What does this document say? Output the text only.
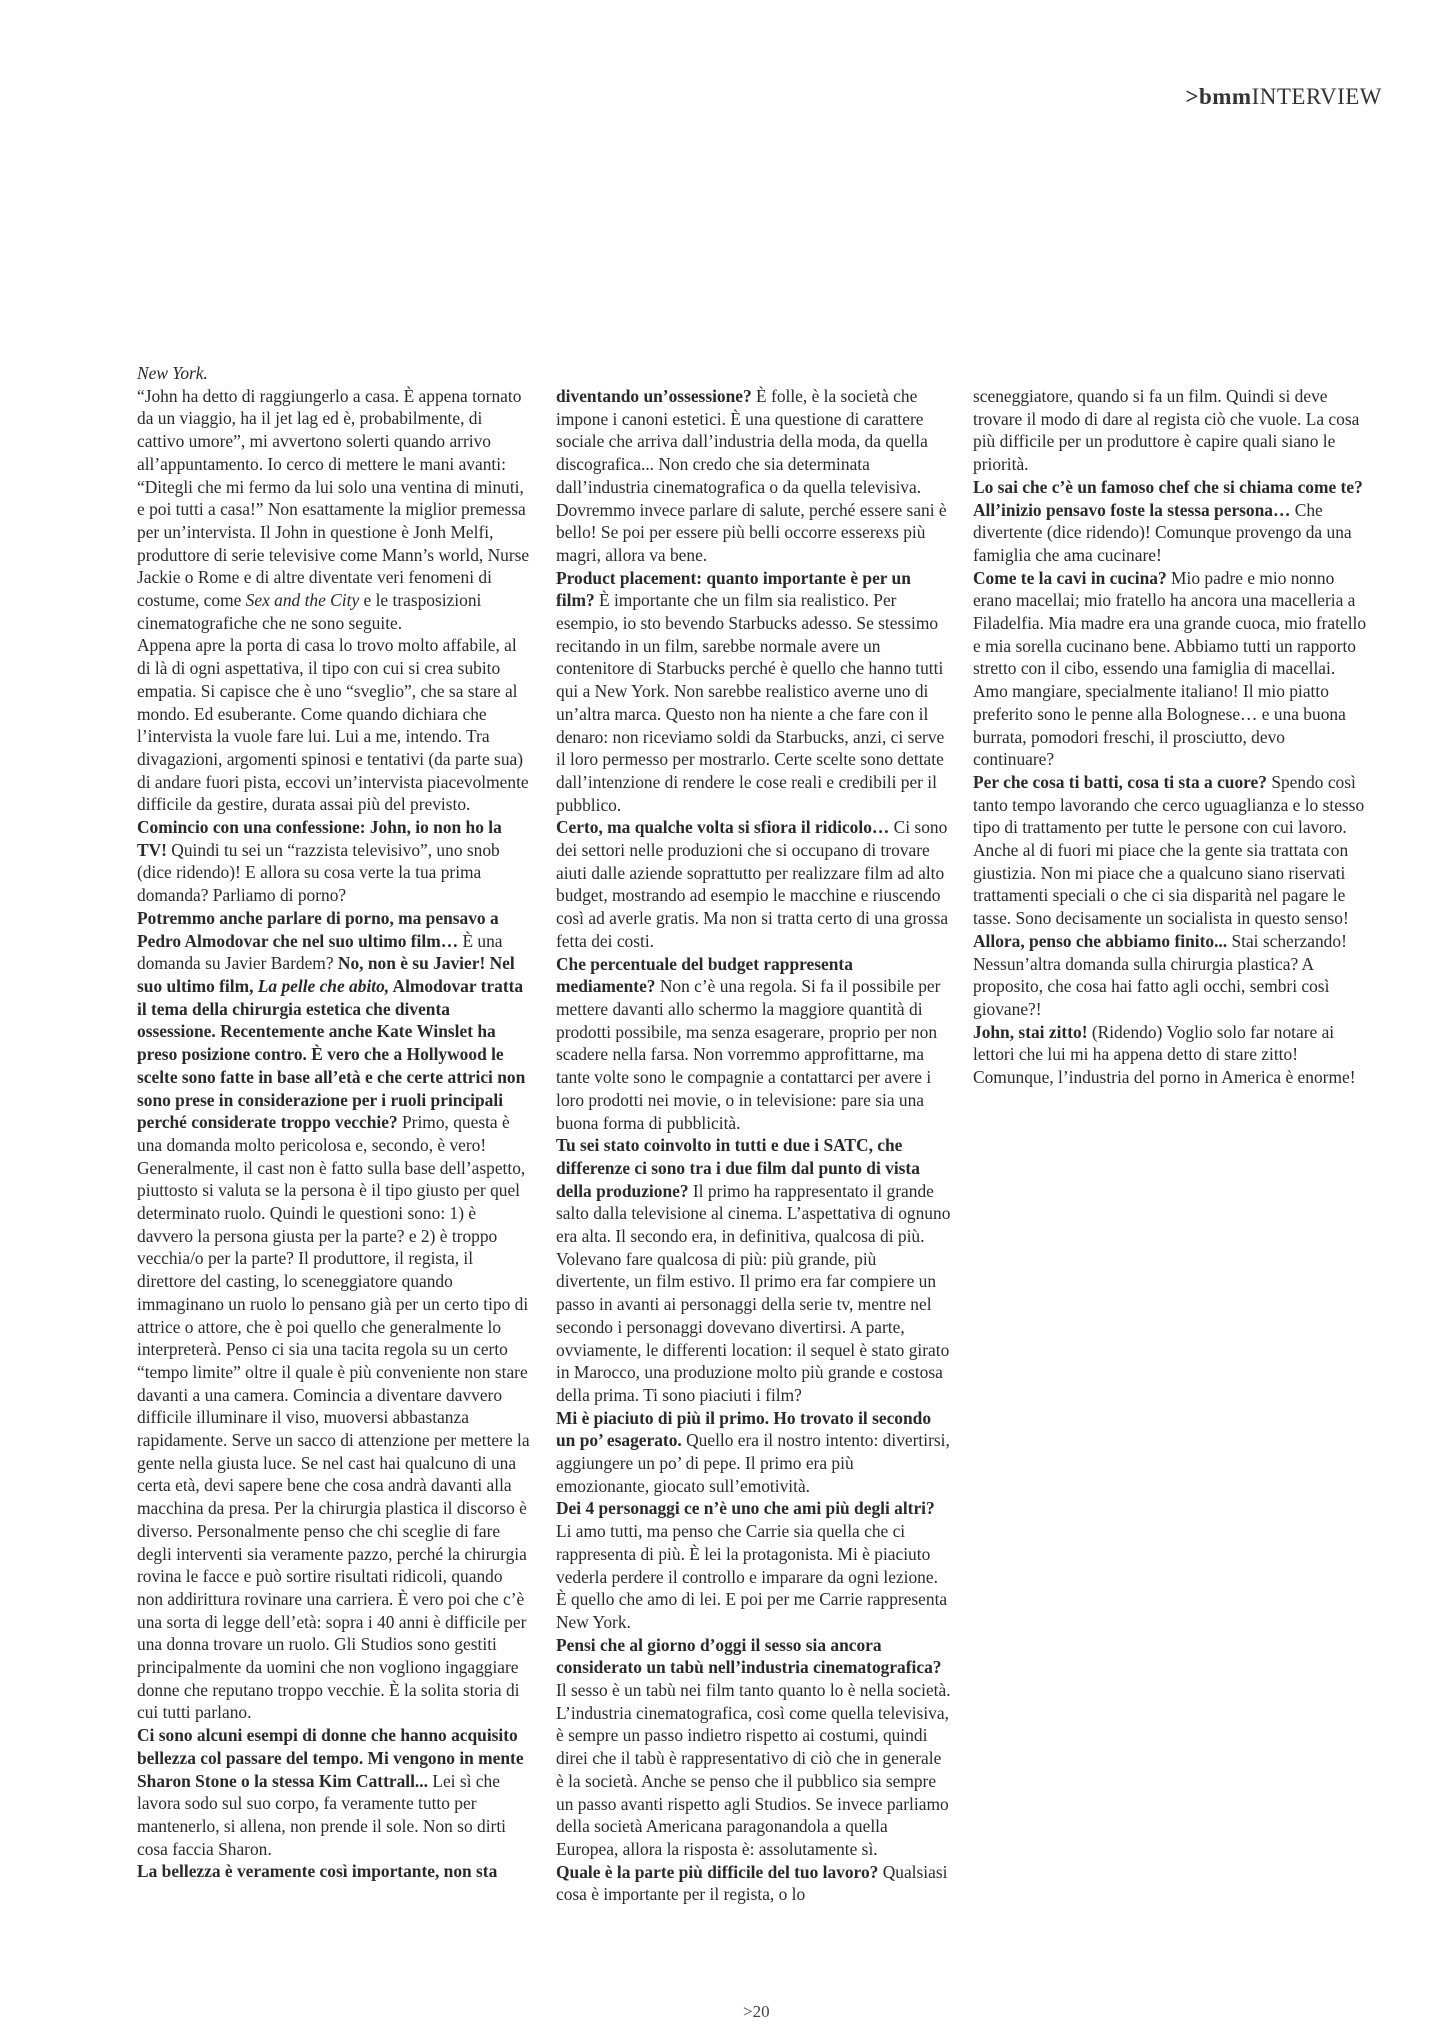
>bmmINTERVIEW

New York.

“John ha detto di raggiungerlo a casa. È appena tornato da un viaggio, ha il jet lag ed è, probabilmente, di cattivo umore”, mi avvertono solerti quando arrivo all’appuntamento. Io cerco di mettere le mani avanti: “Ditegli che mi fermo da lui solo una ventina di minuti, e poi tutti a casa!” Non esattamente la miglior premessa per un’intervista. Il John in questione è Jonh Melfi, produttore di serie televisive come Mann’s world, Nurse Jackie o Rome e di altre diventate veri fenomeni di costume, come Sex and the City e le trasposizioni cinematografiche che ne sono seguite.

Appena apre la porta di casa lo trovo molto affabile, al di là di ogni aspettativa, il tipo con cui si crea subito empatia. Si capisce che è uno “sveglio”, che sa stare al mondo. Ed esuberante. Come quando dichiara che l’intervista la vuole fare lui. Lui a me, intendo. Tra divagazioni, argomenti spinosi e tentativi (da parte sua) di andare fuori pista, eccovi un’intervista piacevolmente difficile da gestire, durata assai più del previsto.

Comincio con una confessione: John, io non ho la TV! Quindi tu sei un “razzista televisivo”, uno snob (dice ridendo)! E allora su cosa verte la tua prima domanda? Parliamo di porno?

Potremmo anche parlare di porno, ma pensavo a Pedro Almodovar che nel suo ultimo film… È una domanda su Javier Bardem? No, non è su Javier! Nel suo ultimo film, La pelle che abito, Almodovar tratta il tema della chirurgia estetica che diventa ossessione. Recentemente anche Kate Winslet ha preso posizione contro. È vero che a Hollywood le scelte sono fatte in base all’età e che certe attrici non sono prese in considerazione per i ruoli principali perché considerate troppo vecchie? Primo, questa è una domanda molto pericolosa e, secondo, è vero! Generalmente, il cast non è fatto sulla base dell’aspetto, piuttosto si valuta se la persona è il tipo giusto per quel determinato ruolo. Quindi le questioni sono: 1) è davvero la persona giusta per la parte? e 2) è troppo vecchia/o per la parte? Il produttore, il regista, il direttore del casting, lo sceneggiatore quando immaginano un ruolo lo pensano già per un certo tipo di attrice o attore, che è poi quello che generalmente lo interpreterà. Penso ci sia una tacita regola su un certo “tempo limite” oltre il quale è più conveniente non stare davanti a una camera. Comincia a diventare davvero difficile illuminare il viso, muoversi abbastanza rapidamente. Serve un sacco di attenzione per mettere la gente nella giusta luce. Se nel cast hai qualcuno di una certa età, devi sapere bene che cosa andrà davanti alla macchina da presa. Per la chirurgia plastica il discorso è diverso. Personalmente penso che chi sceglie di fare degli interventi sia veramente pazzo, perché la chirurgia rovina le facce e può sortire risultati ridicoli, quando non addirittura rovinare una carriera. È vero poi che c’è una sorta di legge dell’età: sopra i 40 anni è difficile per una donna trovare un ruolo. Gli Studios sono gestiti principalmente da uomini che non vogliono ingaggiare donne che reputano troppo vecchie. È la solita storia di cui tutti parlano.

Ci sono alcuni esempi di donne che hanno acquisito bellezza col passare del tempo. Mi vengono in mente Sharon Stone o la stessa Kim Cattrall... Lei sì che lavora sodo sul suo corpo, fa veramente tutto per mantenerlo, si allena, non prende il sole. Non so dirti cosa faccia Sharon.

La bellezza è veramente così importante, non sta

diventando un’ossessione? È folle, è la società che impone i canoni estetici. È una questione di carattere sociale che arriva dall’industria della moda, da quella discografica... Non credo che sia determinata dall’industria cinematografica o da quella televisiva. Dovremmo invece parlare di salute, perché essere sani è bello! Se poi per essere più belli occorre esserexs più magri, allora va bene.

Product placement: quanto importante è per un film? È importante che un film sia realistico. Per esempio, io sto bevendo Starbucks adesso. Se stessimo recitando in un film, sarebbe normale avere un contenitore di Starbucks perché è quello che hanno tutti qui a New York. Non sarebbe realistico averne uno di un’altra marca. Questo non ha niente a che fare con il denaro: non riceviamo soldi da Starbucks, anzi, ci serve il loro permesso per mostrarlo. Certe scelte sono dettate dall’intenzione di rendere le cose reali e credibili per il pubblico.

Certo, ma qualche volta si sfiora il ridicolo… Ci sono dei settori nelle produzioni che si occupano di trovare aiuti dalle aziende soprattutto per realizzare film ad alto budget, mostrando ad esempio le macchine e riuscendo così ad averle gratis. Ma non si tratta certo di una grossa fetta dei costi.

Che percentuale del budget rappresenta mediamente? Non c’è una regola. Si fa il possibile per mettere davanti allo schermo la maggiore quantità di prodotti possibile, ma senza esagerare, proprio per non scadere nella farsa. Non vorremmo approfittarne, ma tante volte sono le compagnie a contattarci per avere i loro prodotti nei movie, o in televisione: pare sia una buona forma di pubblicità.

Tu sei stato coinvolto in tutti e due i SATC, che differenze ci sono tra i due film dal punto di vista della produzione? Il primo ha rappresentato il grande salto dalla televisione al cinema. L’aspettativa di ognuno era alta. Il secondo era, in definitiva, qualcosa di più. Volevano fare qualcosa di più: più grande, più divertente, un film estivo. Il primo era far compiere un passo in avanti ai personaggi della serie tv, mentre nel secondo i personaggi dovevano divertirsi. A parte, ovviamente, le differenti location: il sequel è stato girato in Marocco, una produzione molto più grande e costosa della prima. Ti sono piaciuti i film?

Mi è piaciuto di più il primo. Ho trovato il secondo un po’ esagerato. Quello era il nostro intento: divertirsi, aggiungere un po’ di pepe. Il primo era più emozionante, giocato sull’emotività.

Dei 4 personaggi ce n’è uno che ami più degli altri? Li amo tutti, ma penso che Carrie sia quella che ci rappresenta di più. È lei la protagonista. Mi è piaciuto vederla perdere il controllo e imparare da ogni lezione. È quello che amo di lei. E poi per me Carrie rappresenta New York.

Pensi che al giorno d’oggi il sesso sia ancora considerato un tabù nell’industria cinematografica? Il sesso è un tabù nei film tanto quanto lo è nella società. L’industria cinematografica, così come quella televisiva, è sempre un passo indietro rispetto ai costumi, quindi direi che il tabù è rappresentativo di ciò che in generale è la società. Anche se penso che il pubblico sia sempre un passo avanti rispetto agli Studios. Se invece parliamo della società Americana paragonandola a quella Europea, allora la risposta è: assolutamente sì.

Quale è la parte più difficile del tuo lavoro? Qualsiasi cosa è importante per il regista, o lo

sceneggiatore, quando si fa un film. Quindi si deve trovare il modo di dare al regista ciò che vuole. La cosa più difficile per un produttore è capire quali siano le priorità.

Lo sai che c’è un famoso chef che si chiama come te? All’inizio pensavo foste la stessa persona… Che divertente (dice ridendo)! Comunque provengo da una famiglia che ama cucinare!

Come te la cavi in cucina? Mio padre e mio nonno erano macellai; mio fratello ha ancora una macelleria a Filadelfia. Mia madre era una grande cuoca, mio fratello e mia sorella cucinano bene. Abbiamo tutti un rapporto stretto con il cibo, essendo una famiglia di macellai. Amo mangiare, specialmente italiano! Il mio piatto preferito sono le penne alla Bolognese… e una buona burrata, pomodori freschi, il prosciutto, devo continuare?

Per che cosa ti batti, cosa ti sta a cuore? Spendo così tanto tempo lavorando che cerco uguaglianza e lo stesso tipo di trattamento per tutte le persone con cui lavoro. Anche al di fuori mi piace che la gente sia trattata con giustizia. Non mi piace che a qualcuno siano riservati trattamenti speciali o che ci sia disparità nel pagare le tasse. Sono decisamente un socialista in questo senso!

Allora, penso che abbiamo finito... Stai scherzando! Nessun’altra domanda sulla chirurgia plastica? A proposito, che cosa hai fatto agli occhi, sembri così giovane?!

John, stai zitto! (Ridendo) Voglio solo far notare ai lettori che lui mi ha appena detto di stare zitto! Comunque, l’industria del porno in America è enorme!

>20
